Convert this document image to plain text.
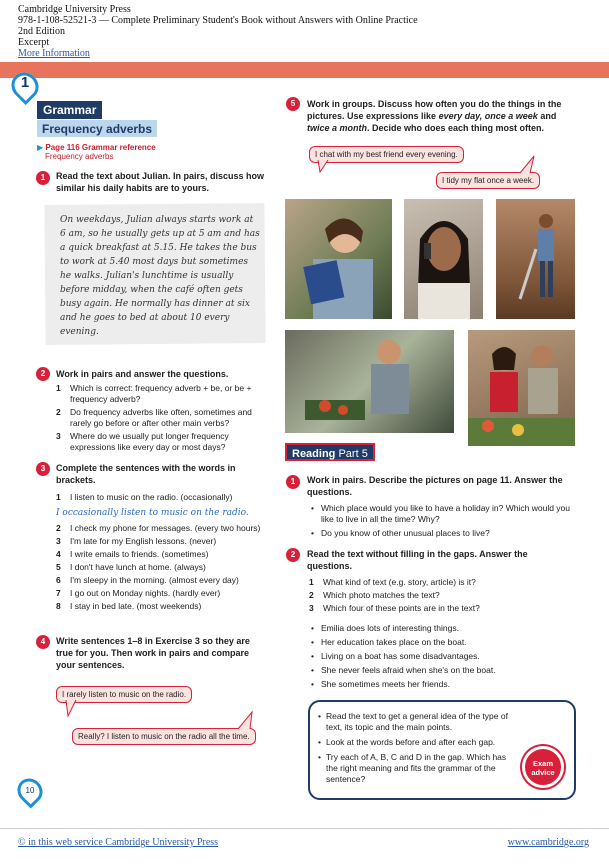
Cambridge University Press
978-1-108-52521-3 — Complete Preliminary Student's Book without Answers with Online Practice
2nd Edition
Excerpt
More Information
1
Grammar
Frequency adverbs
▶ Page 116 Grammar reference
Frequency adverbs
1	Read the text about Julian. In pairs, discuss how similar his daily habits are to yours.
On weekdays, Julian always starts work at 6 am, so he usually gets up at 5 am and has a quick breakfast at 5.15. He takes the bus to work at 5.40 most days but sometimes he walks. Julian's lunchtime is usually before midday, when the café often gets busy again. He normally has dinner at six and he goes to bed at about 10 every evening.
2	Work in pairs and answer the questions.
1 Which is correct: frequency adverb + be, or be + frequency adverb?
2 Do frequency adverbs like often, sometimes and rarely go before or after other main verbs?
3 Where do we usually put longer frequency expressions like every day or most days?
3	Complete the sentences with the words in brackets.
1 I listen to music on the radio. (occasionally)
I occasionally listen to music on the radio.
2 I check my phone for messages. (every two hours)
3 I'm late for my English lessons. (never)
4 I write emails to friends. (sometimes)
5 I don't have lunch at home. (always)
6 I'm sleepy in the morning. (almost every day)
7 I go out on Monday nights. (hardly ever)
8 I stay in bed late. (most weekends)
4	Write sentences 1–8 in Exercise 3 so they are true for you. Then work in pairs and compare your sentences.
I rarely listen to music on the radio.
Really? I listen to music on the radio all the time.
5	Work in groups. Discuss how often you do the things in the pictures. Use expressions like every day, once a week and twice a month. Decide who does each thing most often.
I chat with my best friend every evening.
I tidy my flat once a week.
Reading Part 5
1	Work in pairs. Describe the pictures on page 11. Answer the questions.
• Which place would you like to have a holiday in? Which would you like to live in all the time? Why?
• Do you know of other unusual places to live?
2	Read the text without filling in the gaps. Answer the questions.
1 What kind of text (e.g. story, article) is it?
2 Which photo matches the text?
3 Which four of these points are in the text?
• Emilia does lots of interesting things.
• Her education takes place on the boat.
• Living on a boat has some disadvantages.
• She never feels afraid when she's on the boat.
• She sometimes meets her friends.
• Read the text to get a general idea of the type of text, its topic and the main points.
• Look at the words before and after each gap.
• Try each of A, B, C and D in the gap. Which has the right meaning and fits the grammar of the sentence?
Exam
advice
10
© in this web service Cambridge University Press	www.cambridge.org
